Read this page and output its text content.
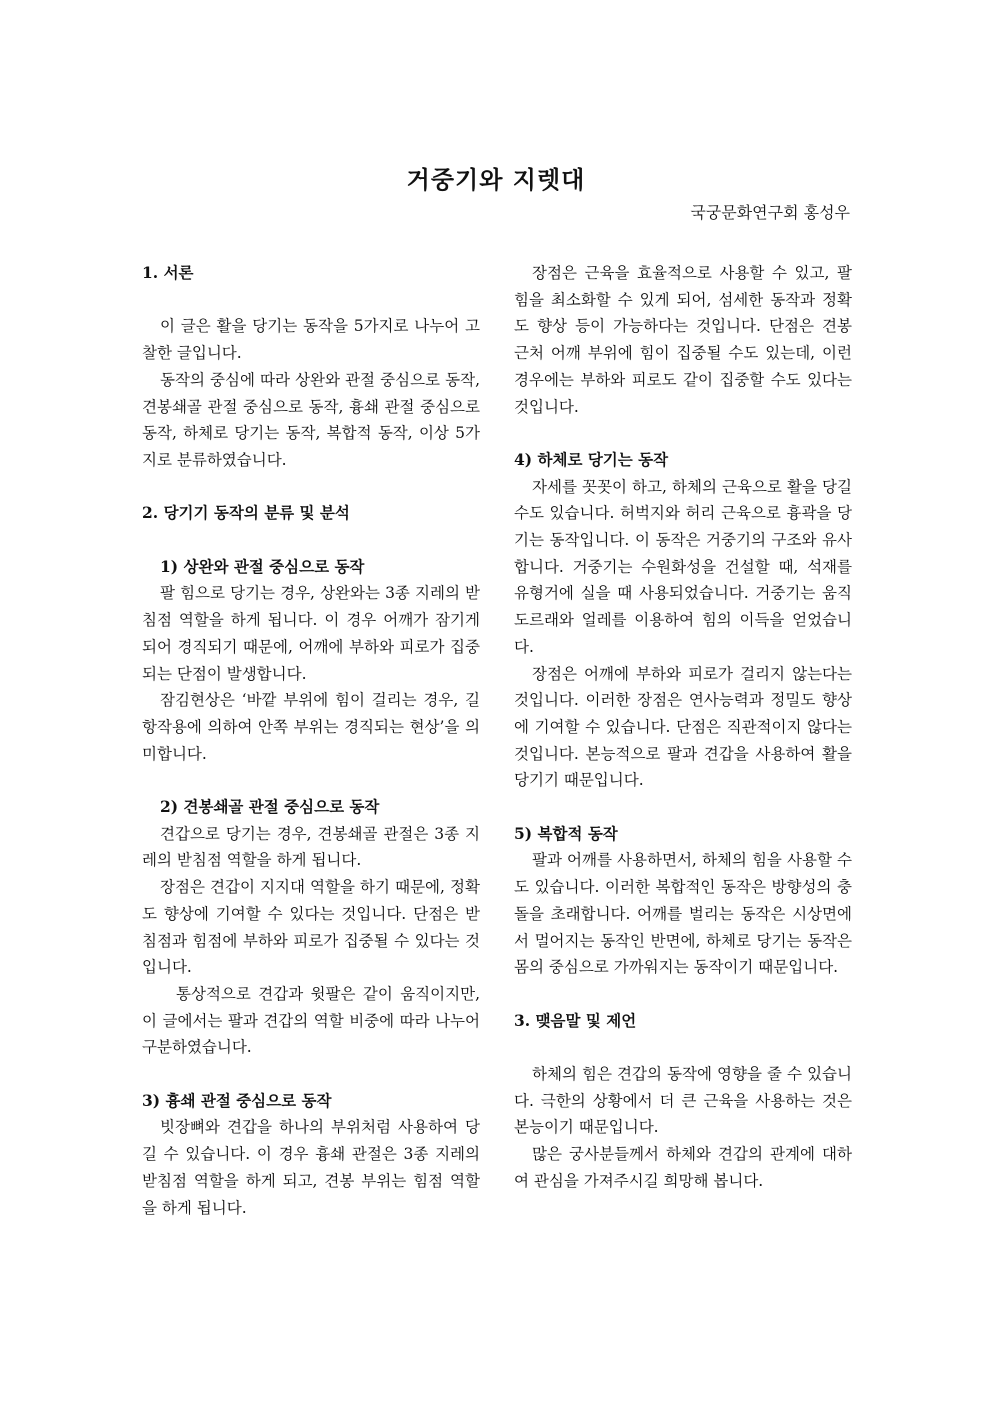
거중기와 지렛대
국궁문화연구회 홍성우
1. 서론

이 글은 활을 당기는 동작을 5가지로 나누어 고찰한 글입니다.

동작의 중심에 따라 상완와 관절 중심으로 동작, 견봉쇄골 관절 중심으로 동작, 흉쇄 관절 중심으로 동작, 하체로 당기는 동작, 복합적 동작, 이상 5가지로 분류하였습니다.

2. 당기기 동작의 분류 및 분석
1) 상완와 관절 중심으로 동작

팔 힘으로 당기는 경우, 상완와는 3종 지레의 받침점 역할을 하게 됩니다. 이 경우 어깨가 잠기게 되어 경직되기 때문에, 어깨에 부하와 피로가 집중되는 단점이 발생합니다.

잠김현상은 ‘바깥 부위에 힘이 걸리는 경우, 길항작용에 의하여 안쪽 부위는 경직되는 현상’을 의미합니다.

2) 견봉쇄골 관절 중심으로 동작

견갑으로 당기는 경우, 견봉쇄골 관절은 3종 지레의 받침점 역할을 하게 됩니다.

장점은 견갑이 지지대 역할을 하기 때문에, 정확도 향상에 기여할 수 있다는 것입니다. 단점은 받침점과 힘점에 부하와 피로가 집중될 수 있다는 것입니다.

통상적으로 견갑과 윗팔은 같이 움직이지만, 이 글에서는 팔과 견갑의 역할 비중에 따라 나누어 구분하였습니다.

3) 흉쇄 관절 중심으로 동작

빗장뼈와 견갑을 하나의 부위처럼 사용하여 당길 수 있습니다. 이 경우 흉쇄 관절은 3종 지레의 받침점 역할을 하게 되고, 견봉 부위는 힘점 역할을 하게 됩니다.

장점은 근육을 효율적으로 사용할 수 있고, 팔 힘을 최소화할 수 있게 되어, 섬세한 동작과 정확도 향상 등이 가능하다는 것입니다. 단점은 견봉 근처 어깨 부위에 힘이 집중될 수도 있는데, 이런 경우에는 부하와 피로도 같이 집중할 수도 있다는 것입니다.

4) 하체로 당기는 동작

자세를 꼿꼿이 하고, 하체의 근육으로 활을 당길 수도 있습니다. 허벅지와 허리 근육으로 흉곽을 당기는 동작입니다. 이 동작은 거중기의 구조와 유사합니다. 거중기는 수원화성을 건설할 때, 석재를 유형거에 실을 때 사용되었습니다. 거중기는 움직도르래와 얼레를 이용하여 힘의 이득을 얻었습니다.

장점은 어깨에 부하와 피로가 걸리지 않는다는 것입니다. 이러한 장점은 연사능력과 정밀도 향상에 기여할 수 있습니다. 단점은 직관적이지 않다는 것입니다. 본능적으로 팔과 견갑을 사용하여 활을 당기기 때문입니다.

5) 복합적 동작

팔과 어깨를 사용하면서, 하체의 힘을 사용할 수도 있습니다. 이러한 복합적인 동작은 방향성의 충돌을 초래합니다. 어깨를 벌리는 동작은 시상면에서 멀어지는 동작인 반면에, 하체로 당기는 동작은 몸의 중심으로 가까워지는 동작이기 때문입니다.

3. 맺음말 및 제언

하체의 힘은 견갑의 동작에 영향을 줄 수 있습니다. 극한의 상황에서 더 큰 근육을 사용하는 것은 본능이기 때문입니다.

많은 궁사분들께서 하체와 견갑의 관계에 대하여 관심을 가져주시길 희망해 봅니다.
